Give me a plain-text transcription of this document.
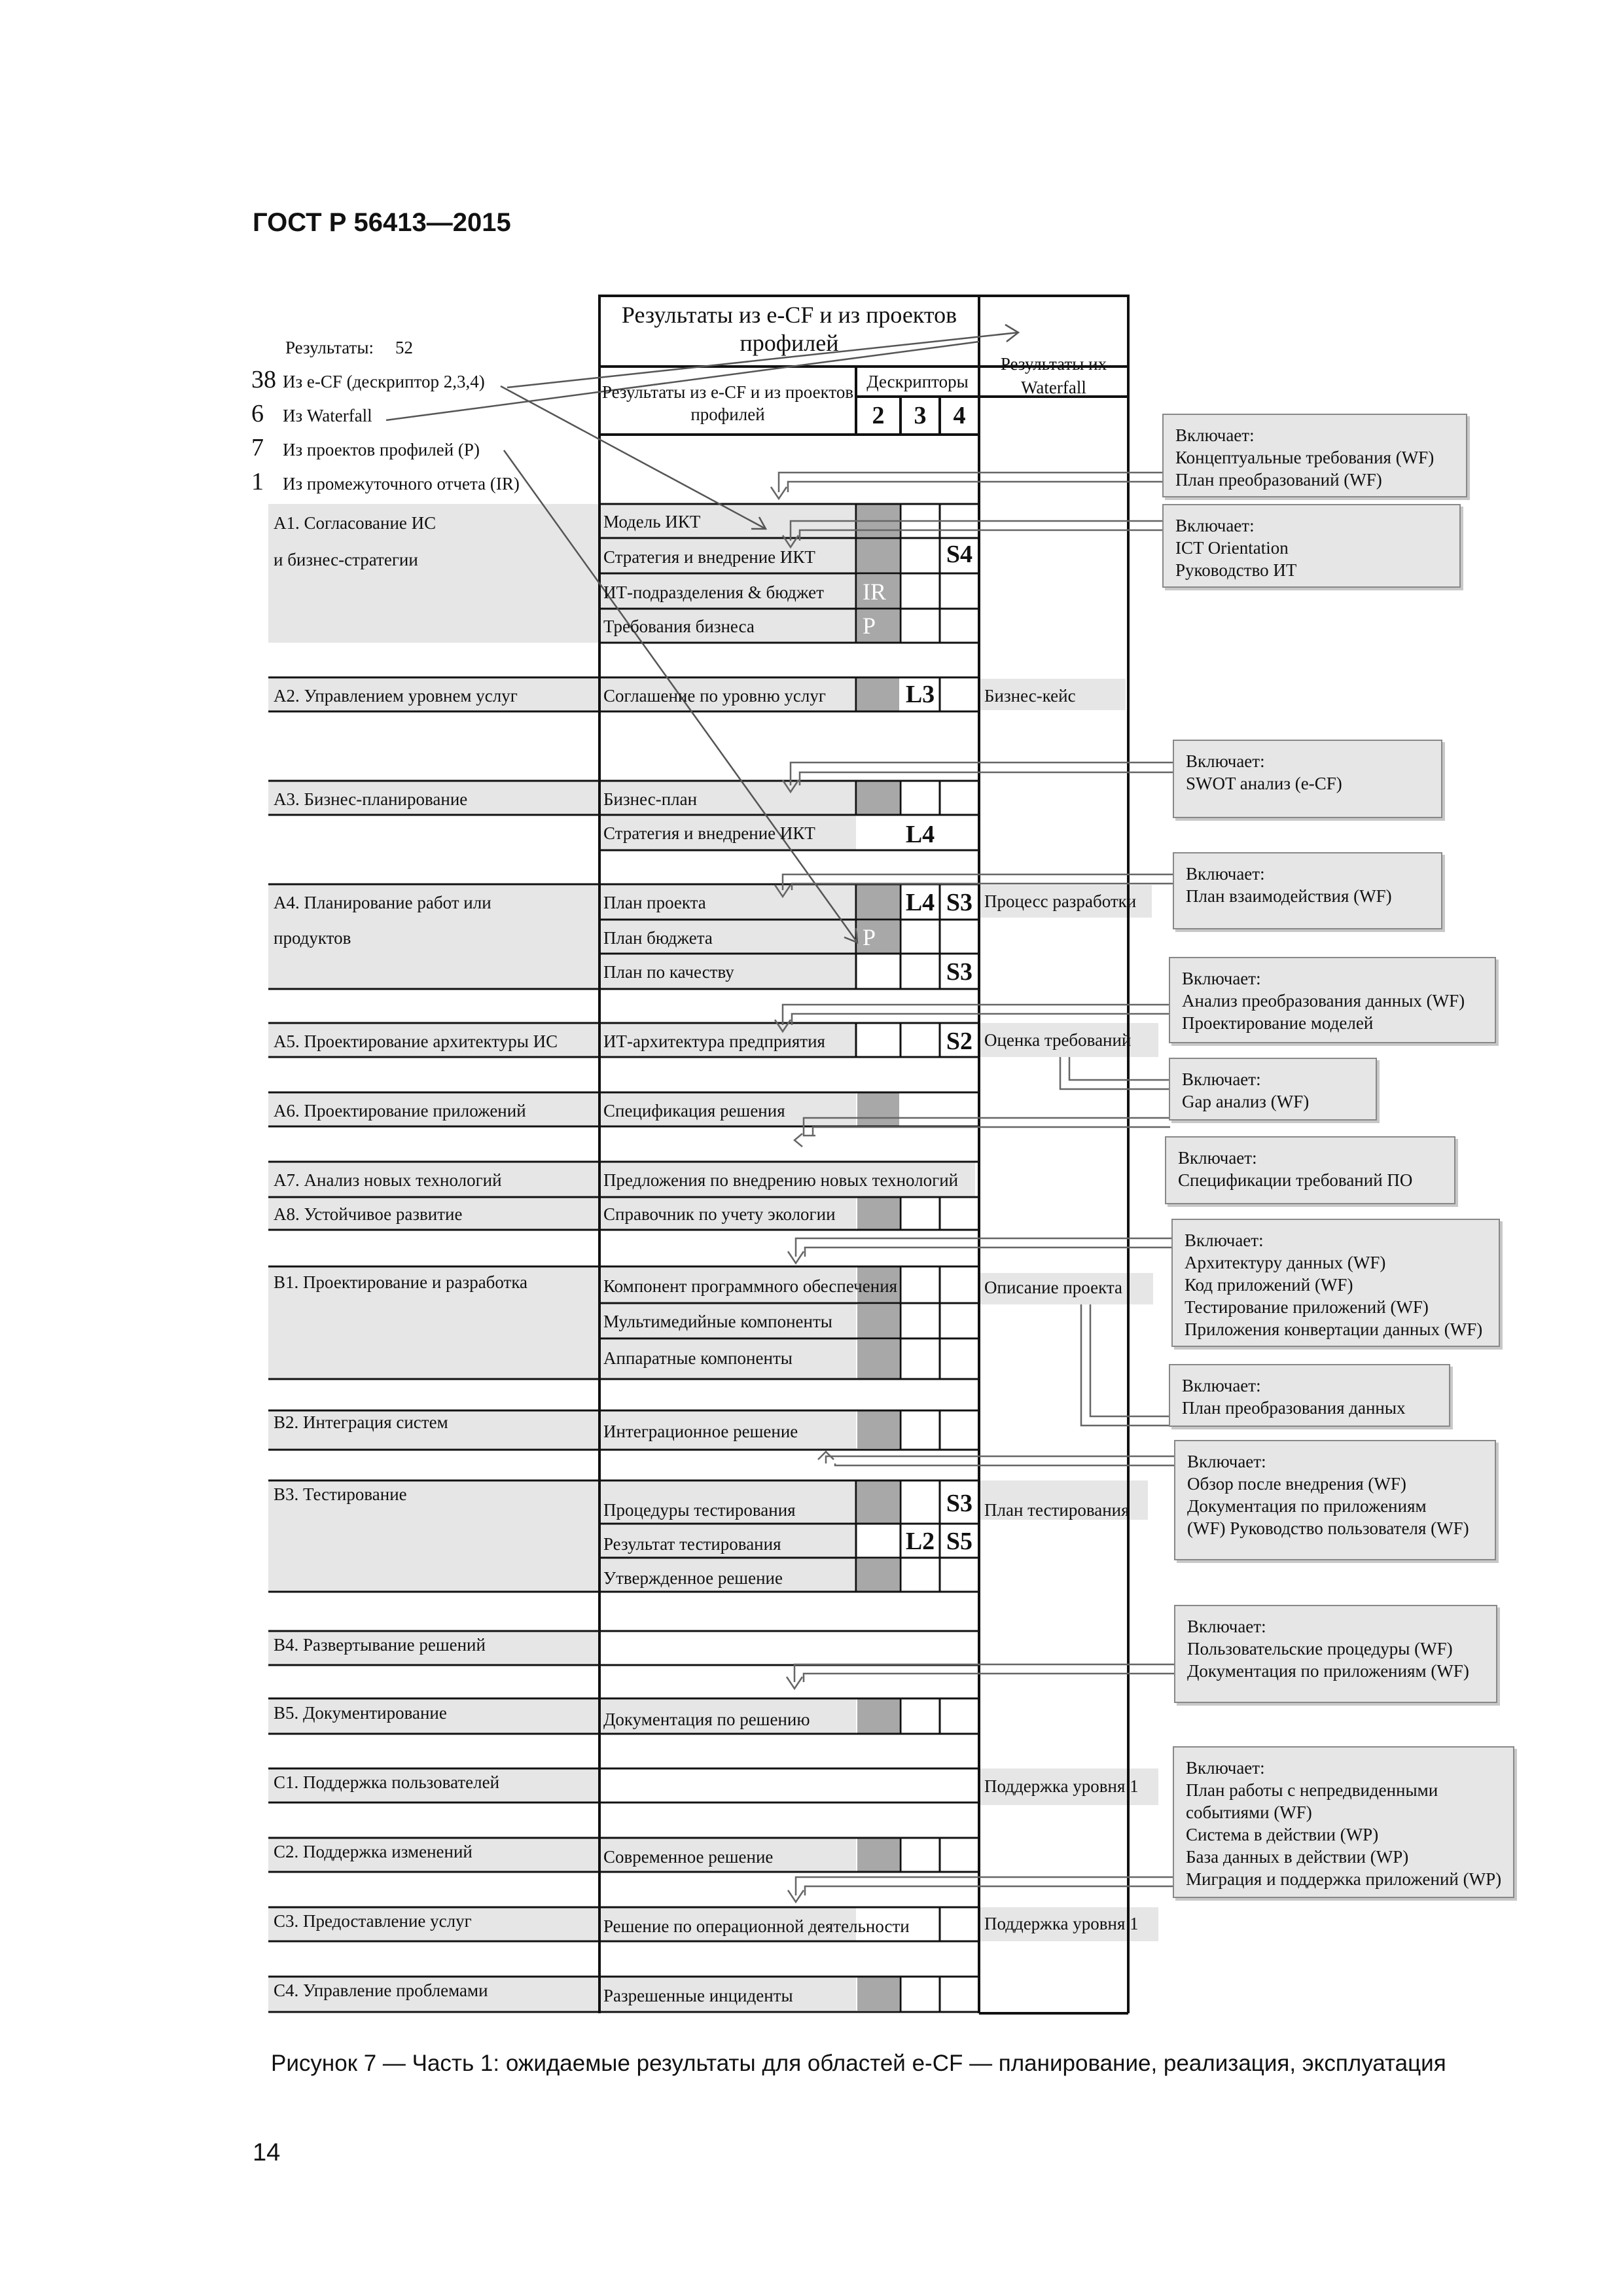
ГОСТ Р 56413—2015
Рисунок 7 — Часть 1: ожидаемые результаты для областей e-CF — планирование, реализация, эксплуатация
14
Результаты: 52
38 Из e-CF (дескриптор 2,3,4)
6 Из Waterfall
7 Из проектов профилей (P)
1 Из промежуточного отчета (IR)
Результаты из e-CF и из проектов профилей
Результаты из e-CF и из проектов профилей
Дескрипторы
2	3	4
Результаты их Waterfall
A1. Согласование ИС
и бизнес-стратегии
A2. Управлением уровнем услуг
A3. Бизнес-планирование
A4. Планирование работ или
продуктов
A5. Проектирование архитектуры ИС
A6. Проектирование приложений
A7. Анализ новых технологий
A8. Устойчивое развитие
B1. Проектирование и разработка
B2. Интеграция систем
B3. Тестирование
B4. Развертывание решений
B5. Документирование
C1. Поддержка пользователей
C2. Поддержка изменений
C3. Предоставление услуг
C4. Управление проблемами
Модель ИКТ
Стратегия и внедрение ИКТ
ИТ-подразделения & бюджет
Требования бизнеса
Соглашение по уровню услуг
Бизнес-план
Стратегия и внедрение ИКТ
План проекта
План бюджета
План по качеству
ИТ-архитектура предприятия
Спецификация решения
Предложения по внедрению новых технологий
Справочник по учету экологии
Компонент программного обеспечения
Мультимедийные компоненты
Аппаратные компоненты
Интеграционное решение
Процедуры тестирования
Результат тестирования
Утвержденное решение
Документация по решению
Современное решение
Решение по операционной деятельности
Разрешенные инциденты
S4
L3
L4
L4 S3
S3
S2
S3
L2 S5
IR
P
P
Бизнес-кейс
Процесс разработки
Оценка требований
Описание проекта
План тестирования
Поддержка уровня 1
Поддержка уровня 1
Включает:
Концептуальные требования (WF)
План преобразований (WF)
Включает:
ICT Orientation
Руководство ИТ
Включает:
SWOT анализ (e-CF)
Включает:
План взаимодействия (WF)
Включает:
Анализ преобразования данных (WF)
Проектирование моделей
Включает:
Gap анализ (WF)
Включает:
Спецификации требований ПО
Включает:
Архитектуру данных (WF)
Код приложений (WF)
Тестирование приложений (WF)
Приложения конвертации данных (WF)
Включает:
План преобразования данных
Включает:
Обзор после внедрения (WF)
Документация по приложениям
(WF) Руководство пользователя (WF)
Включает:
Пользовательские процедуры (WF)
Документация по приложениям (WF)
Включает:
План работы с непредвиденными
событиями (WF)
Система в действии (WP)
База данных в действии (WP)
Миграция и поддержка приложений (WP)
